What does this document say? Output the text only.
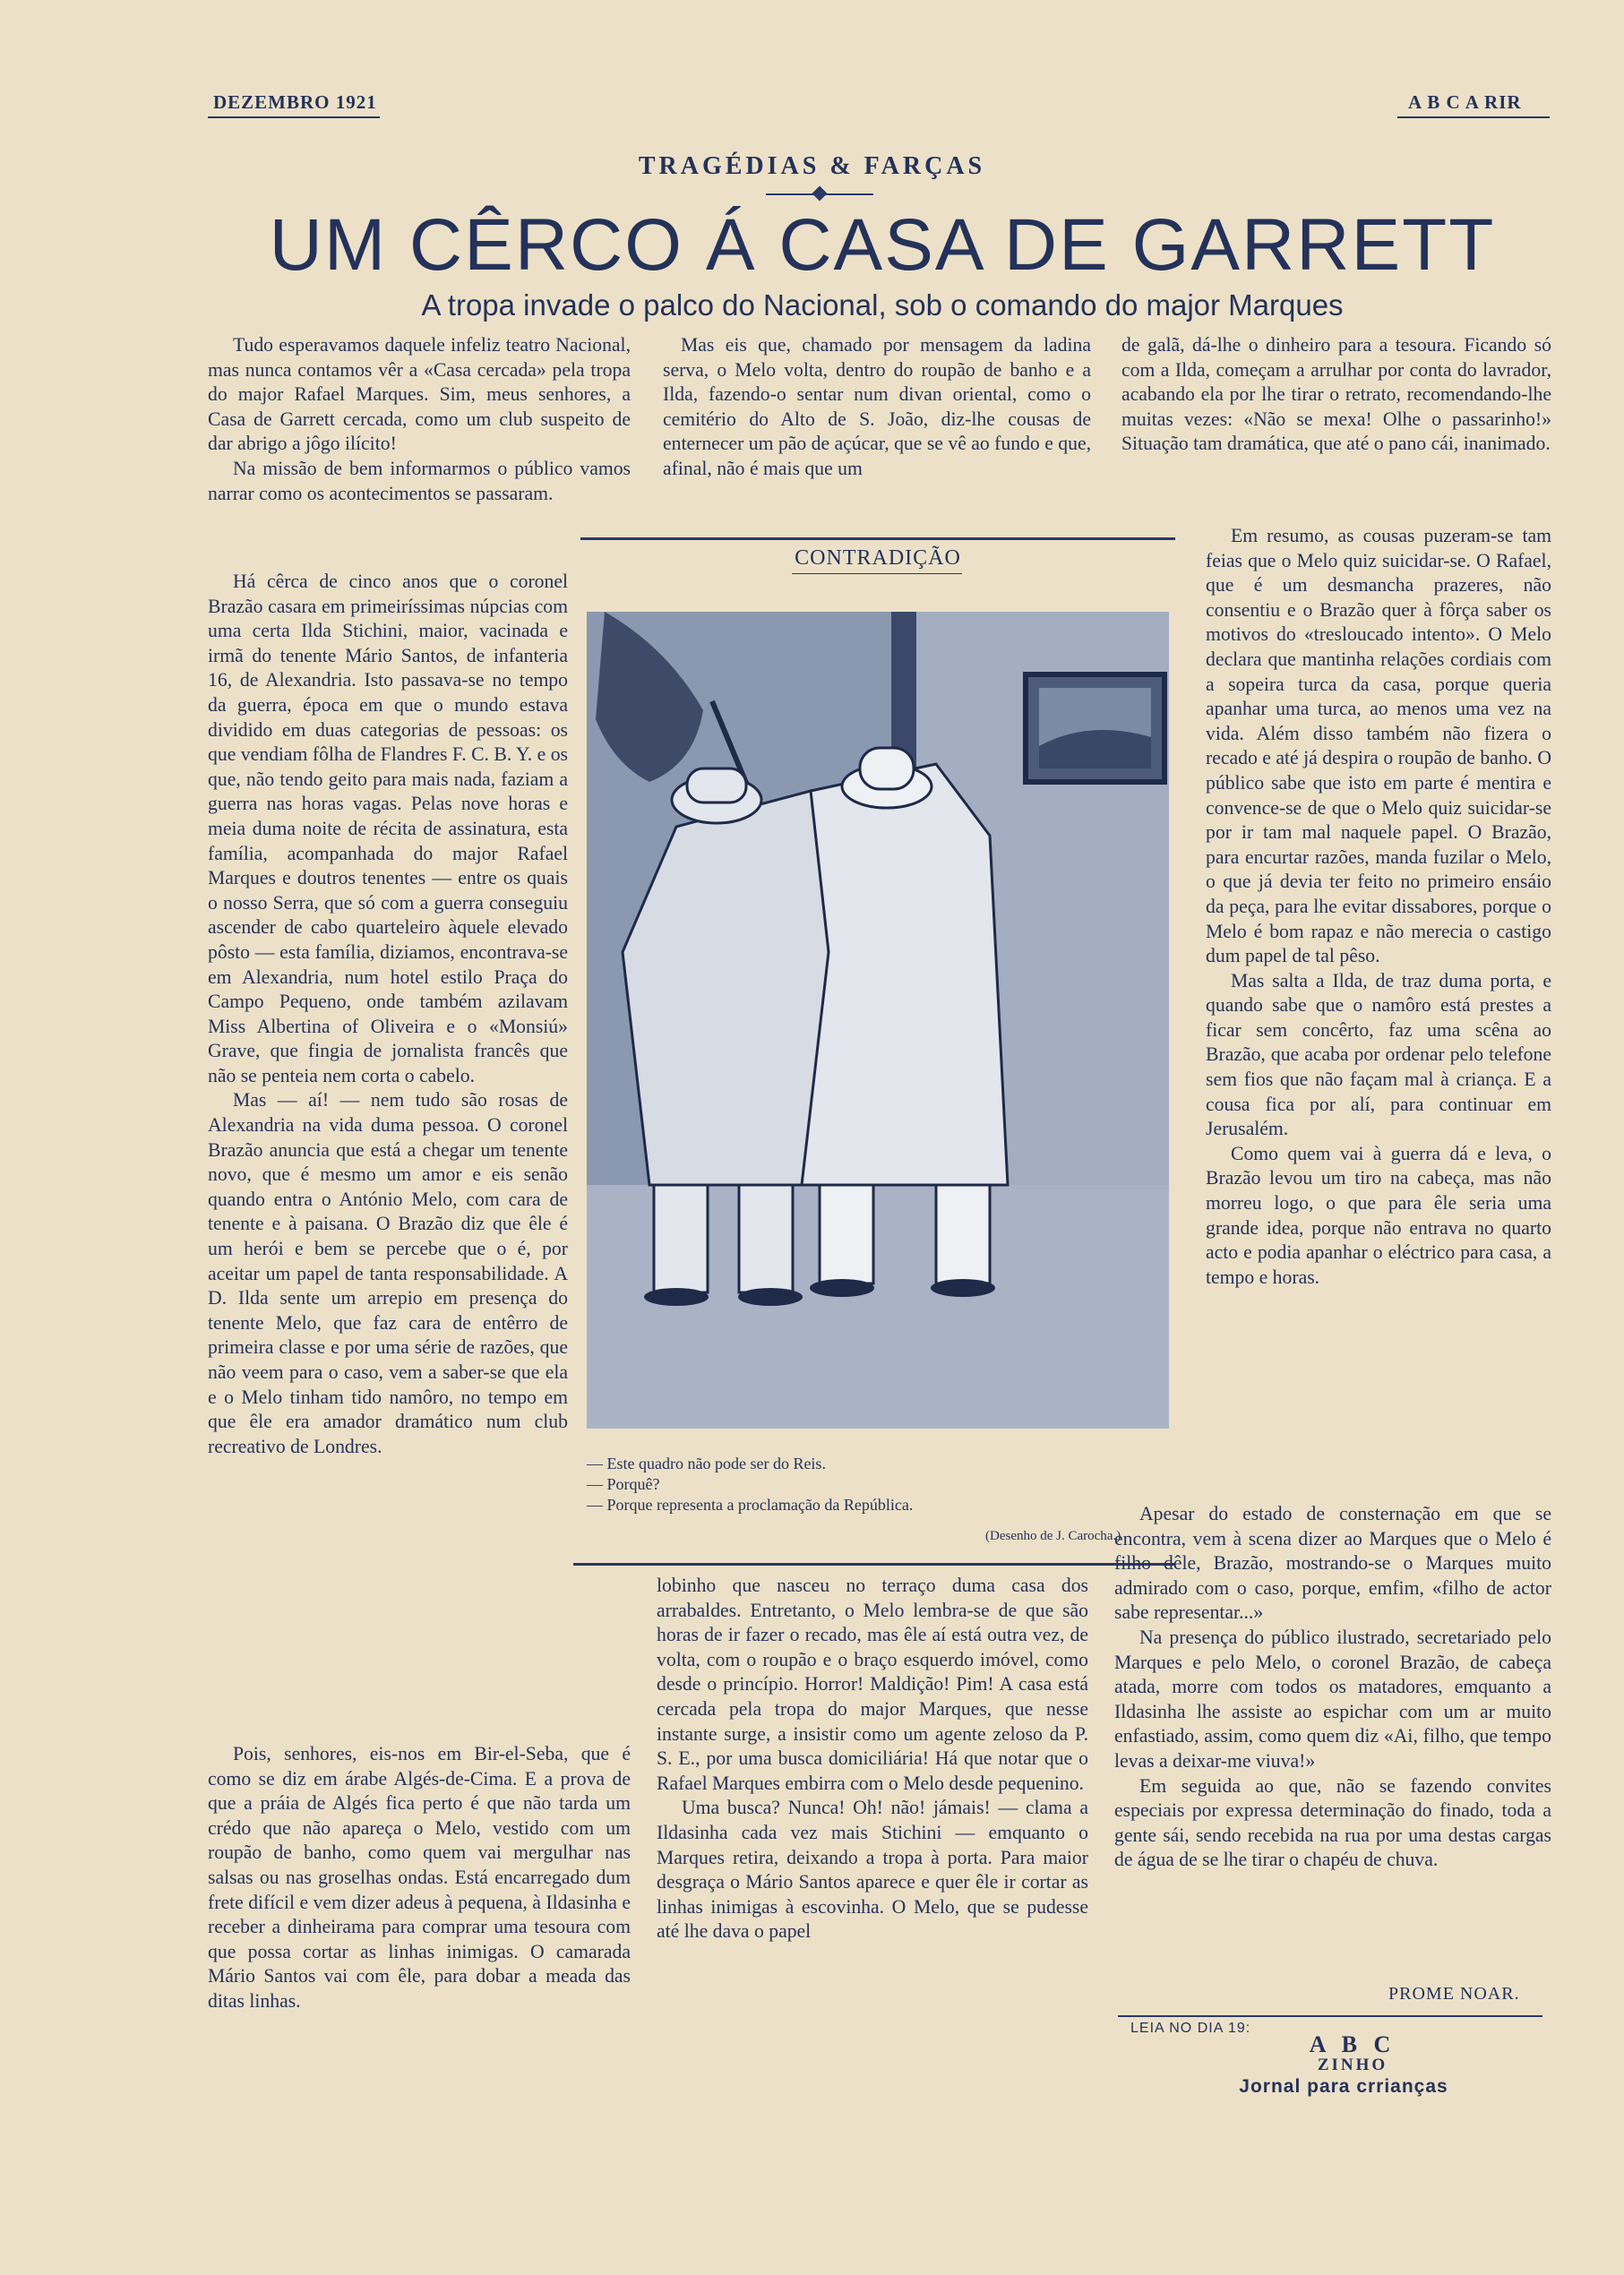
DEZEMBRO 1921	A B C A RIR
TRAGÉDIAS & FARÇAS
UM CÊRCO Á CASA DE GARRETT
A tropa invade o palco do Nacional, sob o comando do major Marques

Tudo esperavamos daquele infeliz teatro Nacional, mas nunca contamos vêr a «Casa cercada» pela tropa do major Rafael Marques. Sim, meus senhores, a Casa de Garrett cercada, como um club suspeito de dar abrigo a jôgo ilícito!

Na missão de bem informarmos o público vamos narrar como os acontecimentos se passaram.

Mas eis que, chamado por mensagem da ladina serva, o Melo volta, dentro do roupão de banho e a Ilda, fazendo-o sentar num divan oriental, como o cemitério do Alto de S. João, diz-lhe cousas de enternecer um pão de açúcar, que se vê ao fundo e que, afinal, não é mais que um

de galã, dá-lhe o dinheiro para a tesoura. Ficando só com a Ilda, começam a arrulhar por conta do lavrador, acabando ela por lhe tirar o retrato, recomendando-lhe muitas vezes: «Não se mexa! Olhe o passarinho!» Situação tam dramática, que até o pano cái, inanimado.

Há cêrca de cinco anos que o coronel Brazão casara em primeiríssimas núpcias com uma certa Ilda Stichini, maior, vacinada e irmã do tenente Mário Santos, de infanteria 16, de Alexandria. Isto passava-se no tempo da guerra, época em que o mundo estava dividido em duas categorias de pessoas: os que vendiam fôlha de Flandres F. C. B. Y. e os que, não tendo geito para mais nada, faziam a guerra nas horas vagas. Pelas nove horas e meia duma noite de récita de assinatura, esta família, acompanhada do major Rafael Marques e doutros tenentes — entre os quais o nosso Serra, que só com a guerra conseguiu ascender de cabo quarteleiro àquele elevado pôsto — esta família, diziamos, encontrava-se em Alexandria, num hotel estilo Praça do Campo Pequeno, onde também azilavam Miss Albertina of Oliveira e o «Monsiú» Grave, que fingia de jornalista francês que não se penteia nem corta o cabelo.

Mas — aí! — nem tudo são rosas de Alexandria na vida duma pessoa. O coronel Brazão anuncia que está a chegar um tenente novo, que é mesmo um amor e eis senão quando entra o António Melo, com cara de tenente e à paisana. O Brazão diz que êle é um herói e bem se percebe que o é, por aceitar um papel de tanta responsabilidade. A D. Ilda sente um arrepio em presença do tenente Melo, que faz cara de entêrro de primeira classe e por uma série de razões, que não veem para o caso, vem a saber-se que ela e o Melo tinham tido namôro, no tempo em que êle era amador dramático num club recreativo de Londres.

Pois, senhores, eis-nos em Bir-el-Seba, que é como se diz em árabe Algés-de-Cima. E a prova de que a práia de Algés fica perto é que não tarda um crédo que não apareça o Melo, vestido com um roupão de banho, como quem vai mergulhar nas salsas ou nas groselhas ondas. Está encarregado dum frete difícil e vem dizer adeus à pequena, à Ildasinha e receber a dinheirama para comprar uma tesoura com que possa cortar as linhas inimigas. O camarada Mário Santos vai com êle, para dobar a meada das ditas linhas.

CONTRADIÇÃO
— Este quadro não pode ser do Reis.
— Porquê?
— Porque representa a proclamação da República.
(Desenho de J. Carocha.)

lobinho que nasceu no terraço duma casa dos arrabaldes. Entretanto, o Melo lembra-se de que são horas de ir fazer o recado, mas êle aí está outra vez, de volta, com o roupão e o braço esquerdo imóvel, como desde o princípio. Horror! Maldição! Pim! A casa está cercada pela tropa do major Marques, que nesse instante surge, a insistir como um agente zeloso da P. S. E., por uma busca domiciliária! Há que notar que o Rafael Marques embirra com o Melo desde pequenino.

Uma busca? Nunca! Oh! não! jámais! — clama a Ildasinha cada vez mais Stichini — emquanto o Marques retira, deixando a tropa à porta. Para maior desgraça o Mário Santos aparece e quer êle ir cortar as linhas inimigas à escovinha. O Melo, que se pudesse até lhe dava o papel

Em resumo, as cousas puzeram-se tam feias que o Melo quiz suicidar-se. O Rafael, que é um desmancha prazeres, não consentiu e o Brazão quer à fôrça saber os motivos do «tresloucado intento». O Melo declara que mantinha relações cordiais com a sopeira turca da casa, porque queria apanhar uma turca, ao menos uma vez na vida. Além disso também não fizera o recado e até já despira o roupão de banho. O público sabe que isto em parte é mentira e convence-se de que o Melo quiz suicidar-se por ir tam mal naquele papel. O Brazão, para encurtar razões, manda fuzilar o Melo, o que já devia ter feito no primeiro ensáio da peça, para lhe evitar dissabores, porque o Melo é bom rapaz e não merecia o castigo dum papel de tal pêso.

Mas salta a Ilda, de traz duma porta, e quando sabe que o namôro está prestes a ficar sem concêrto, faz uma scêna ao Brazão, que acaba por ordenar pelo telefone sem fios que não façam mal à criança. E a cousa fica por alí, para continuar em Jerusalém.

Como quem vai à guerra dá e leva, o Brazão levou um tiro na cabeça, mas não morreu logo, o que para êle seria uma grande idea, porque não entrava no quarto acto e podia apanhar o eléctrico para casa, a tempo e horas.

Apesar do estado de consternação em que se encontra, vem à scena dizer ao Marques que o Melo é filho dêle, Brazão, mostrando-se o Marques muito admirado com o caso, porque, emfim, «filho de actor sabe representar...»

Na presença do público ilustrado, secretariado pelo Marques e pelo Melo, o coronel Brazão, de cabeça atada, morre com todos os matadores, emquanto a Ildasinha lhe assiste ao espichar com um ar muito enfastiado, assim, como quem diz «Ai, filho, que tempo levas a deixar-me viuva!»

Em seguida ao que, não se fazendo convites especiais por expressa determinação do finado, toda a gente sái, sendo recebida na rua por uma destas cargas de água de se lhe tirar o chapéu de chuva.

PROME NOAR.
LEIA NO DIA 19:
A B C
ZINHO
Jornal para crrianças
